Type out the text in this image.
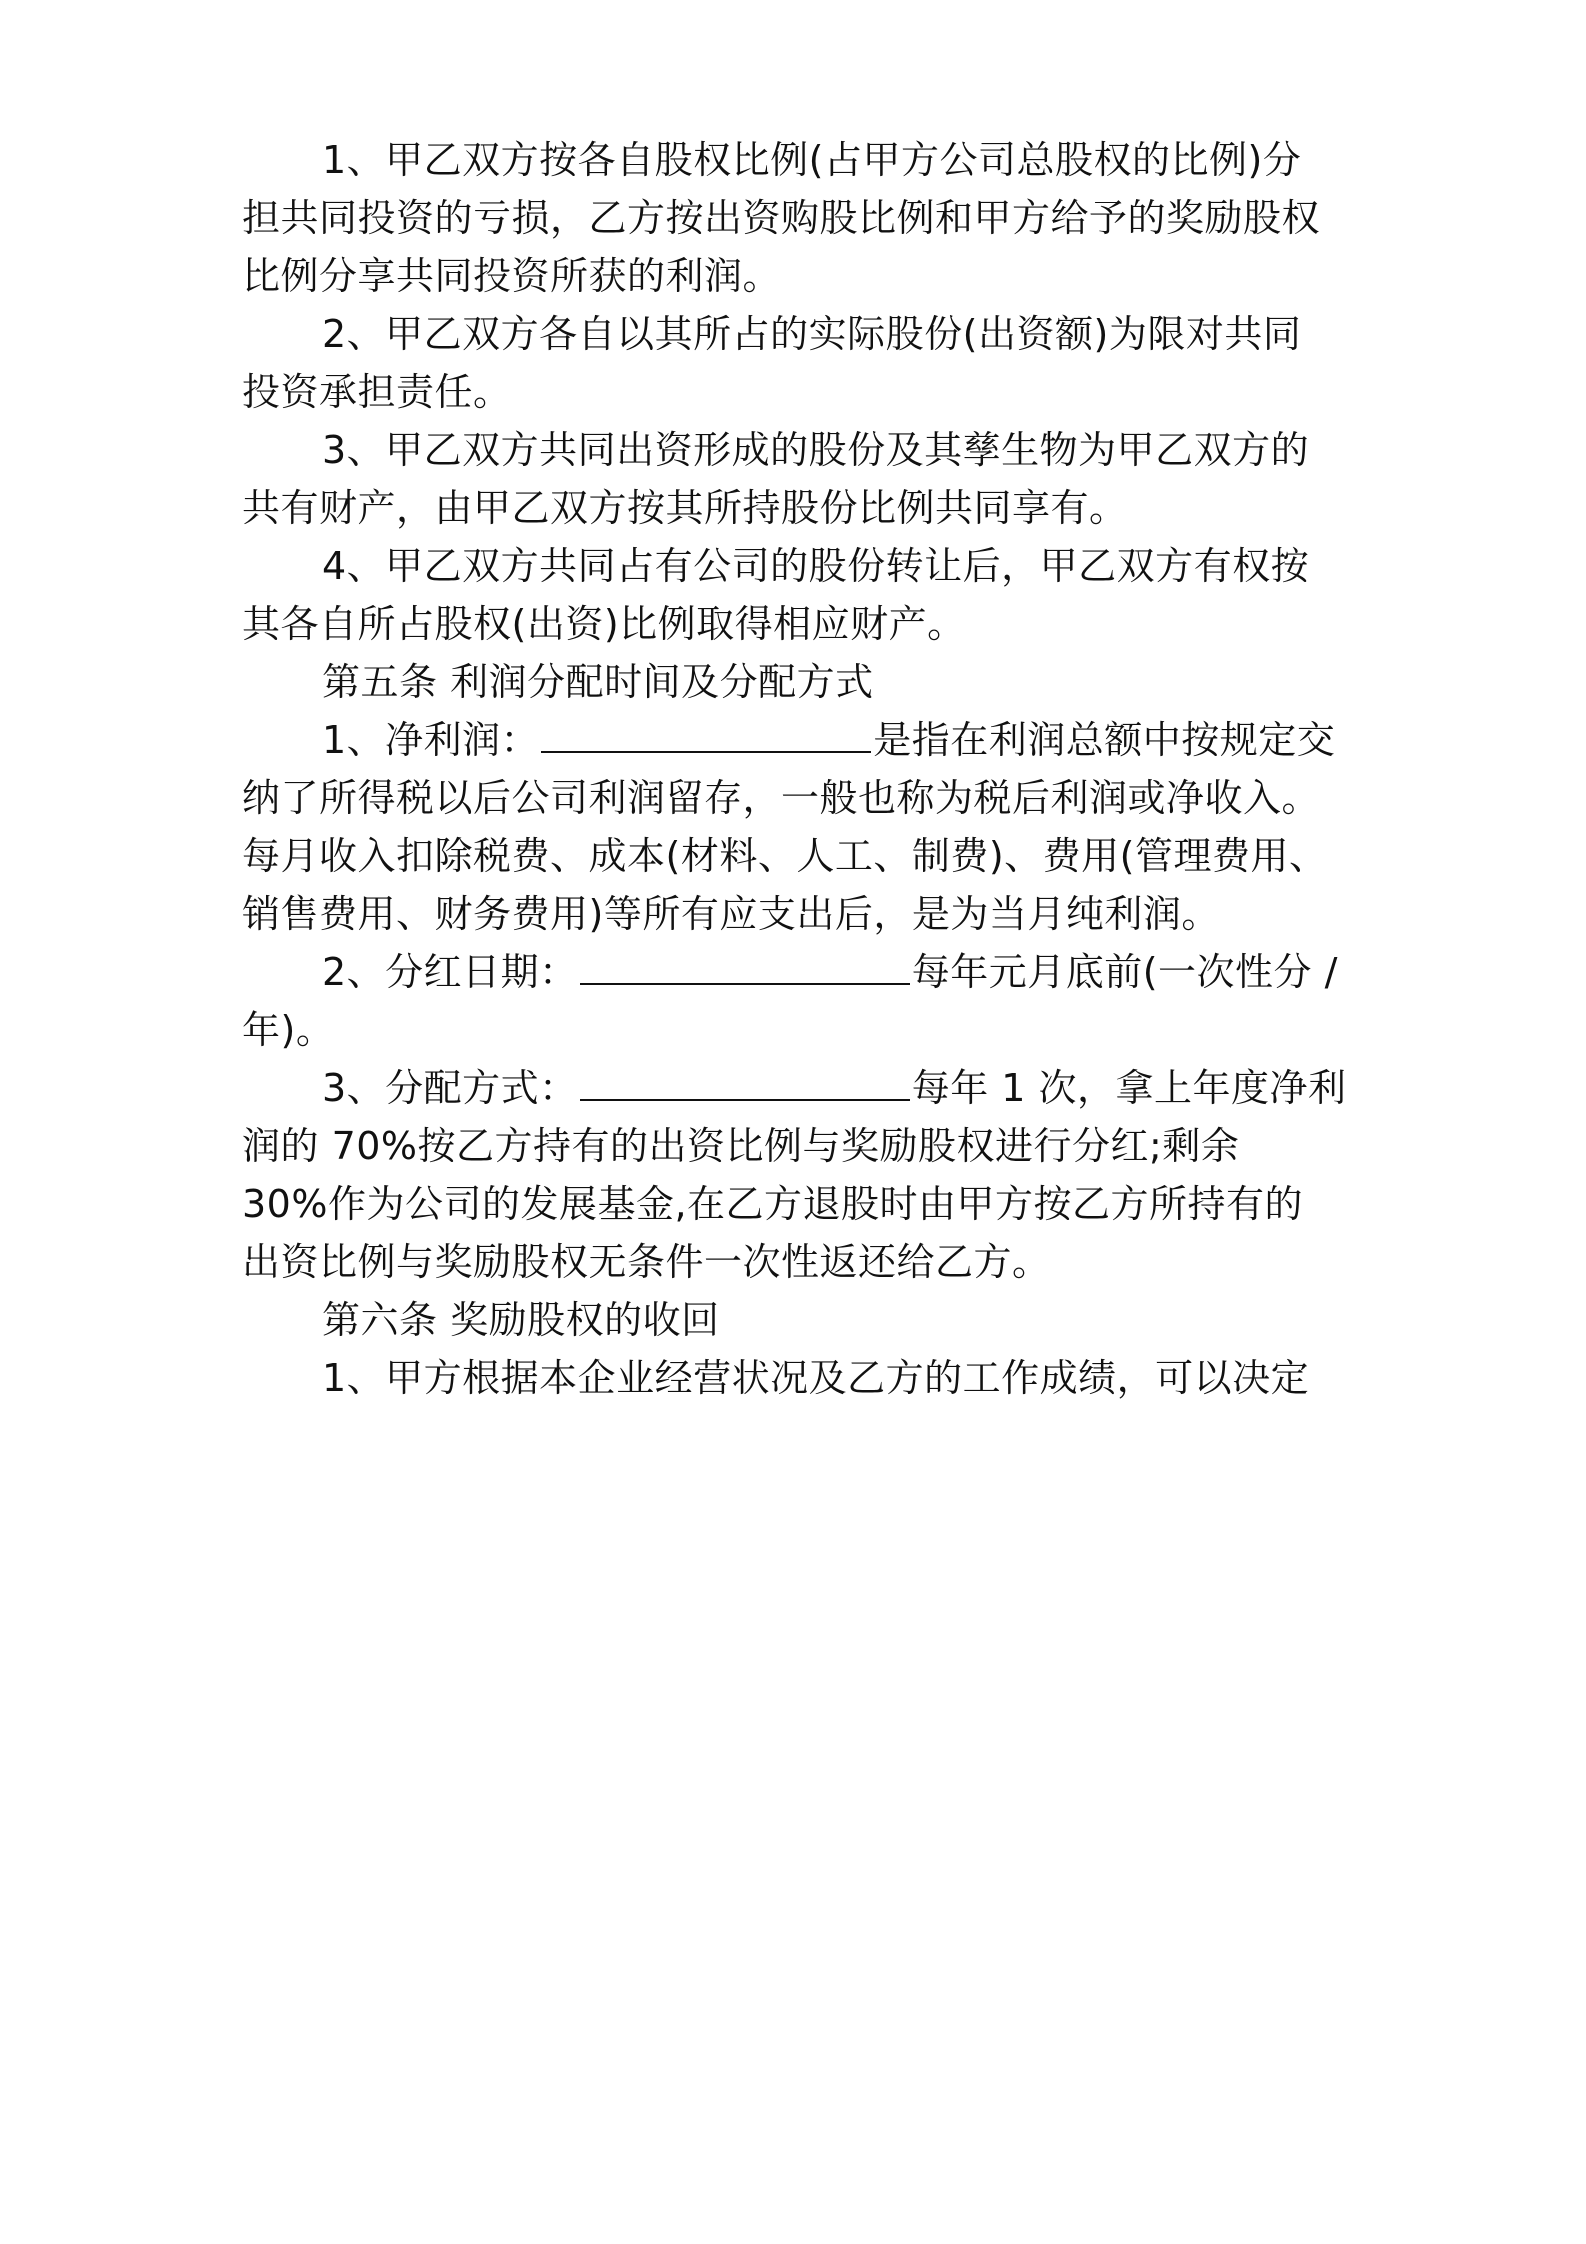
1、甲乙双方按各自股权比例(占甲方公司总股权的比例)分
担共同投资的亏损，乙方按出资购股比例和甲方给予的奖励股权
比例分享共同投资所获的利润。
2、甲乙双方各自以其所占的实际股份(出资额)为限对共同
投资承担责任。
3、甲乙双方共同出资形成的股份及其孳生物为甲乙双方的
共有财产，由甲乙双方按其所持股份比例共同享有。
4、甲乙双方共同占有公司的股份转让后，甲乙双方有权按
其各自所占股权(出资)比例取得相应财产。
第五条 利润分配时间及分配方式
1、净利润：	是指在利润总额中按规定交
纳了所得税以后公司利润留存，一般也称为税后利润或净收入。
每月收入扣除税费、成本(材料、人工、制费)、费用(管理费用、
销售费用、财务费用)等所有应支出后，是为当月纯利润。
2、分红日期：	每年元月底前(一次性分 /
年)。
3、分配方式：	每年 1 次，拿上年度净利
润的 70%按乙方持有的出资比例与奖励股权进行分红;剩余
30%作为公司的发展基金,在乙方退股时由甲方按乙方所持有的
出资比例与奖励股权无条件一次性返还给乙方。
第六条 奖励股权的收回
1、甲方根据本企业经营状况及乙方的工作成绩，可以决定
